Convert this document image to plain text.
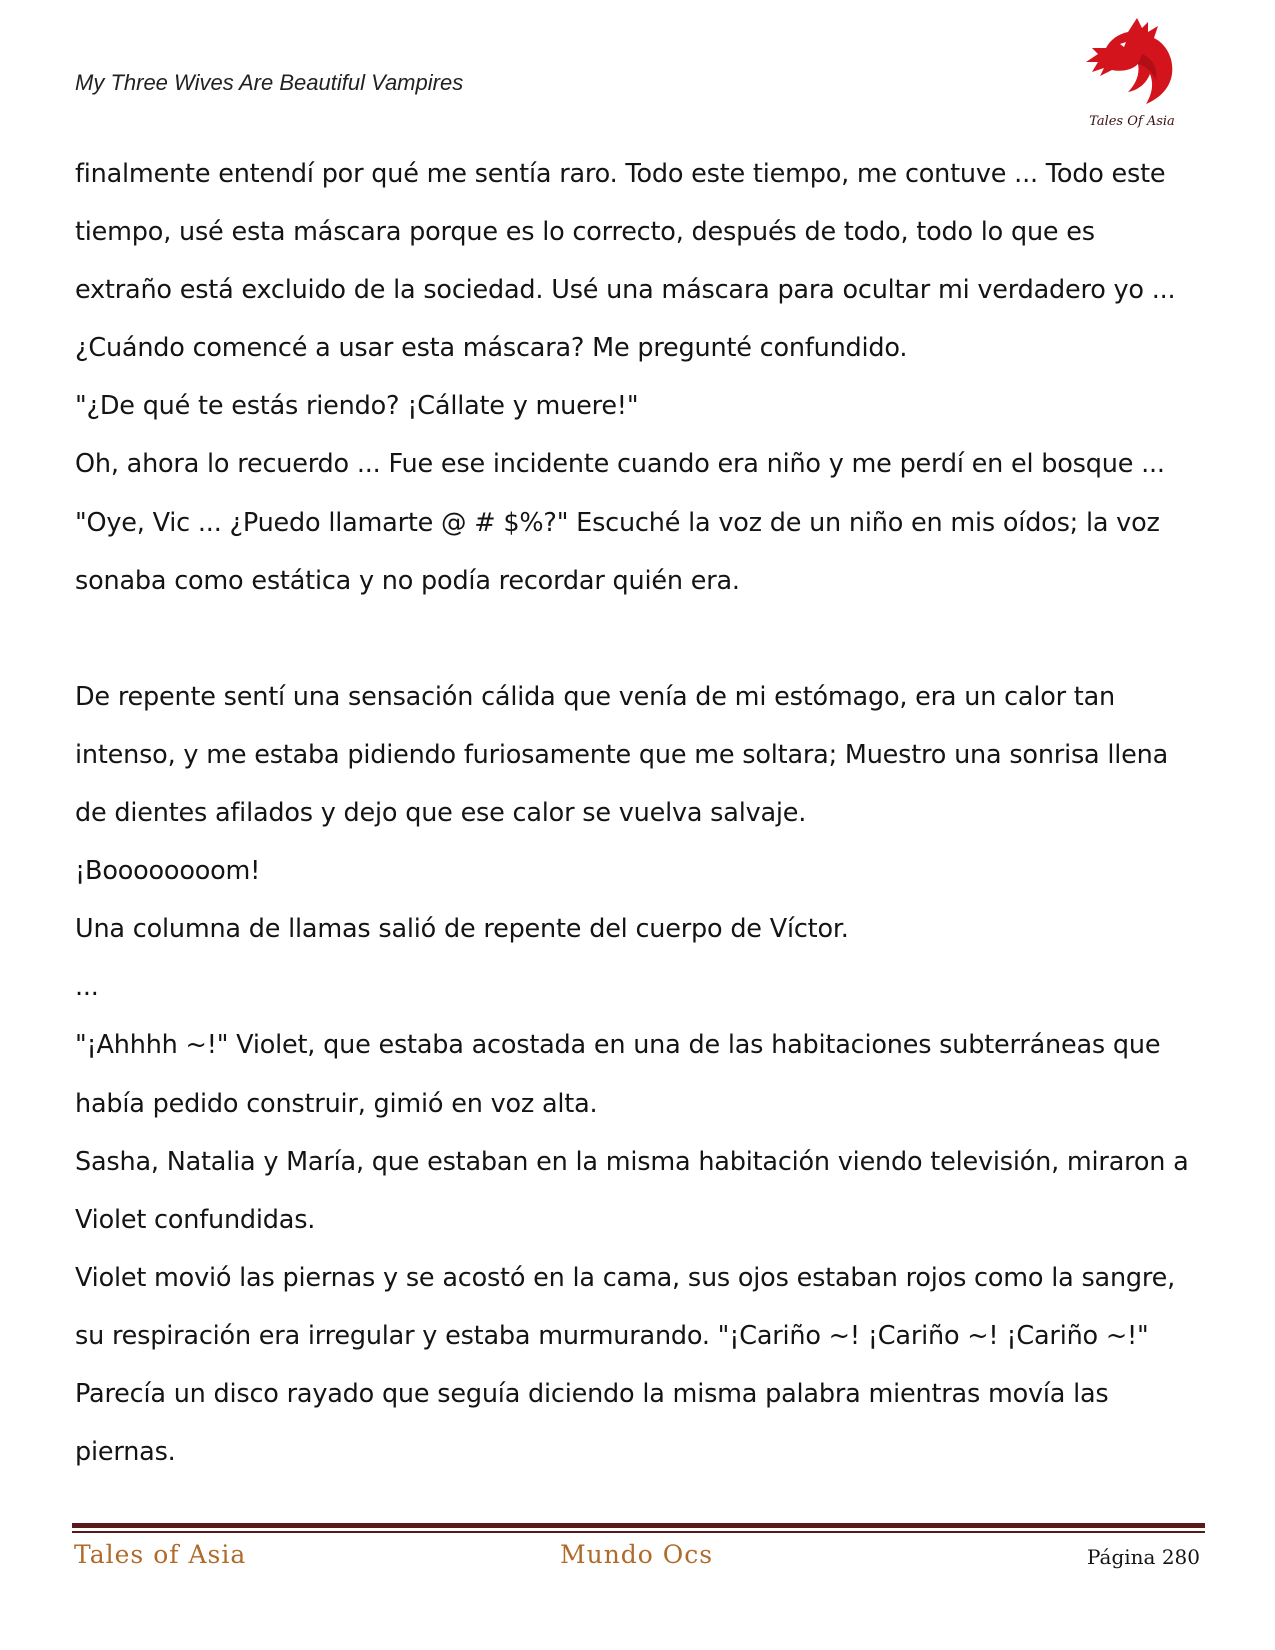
My Three Wives Are Beautiful Vampires
Tales Of Asia
finalmente entendí por qué me sentía raro. Todo este tiempo, me contuve ... Todo este
tiempo, usé esta máscara porque es lo correcto, después de todo, todo lo que es
extraño está excluido de la sociedad. Usé una máscara para ocultar mi verdadero yo ...
¿Cuándo comencé a usar esta máscara? Me pregunté confundido.
"¿De qué te estás riendo? ¡Cállate y muere!"
Oh, ahora lo recuerdo ... Fue ese incidente cuando era niño y me perdí en el bosque ...
"Oye, Vic ... ¿Puedo llamarte @ # $%?" Escuché la voz de un niño en mis oídos; la voz
sonaba como estática y no podía recordar quién era.
De repente sentí una sensación cálida que venía de mi estómago, era un calor tan
intenso, y me estaba pidiendo furiosamente que me soltara; Muestro una sonrisa llena
de dientes afilados y dejo que ese calor se vuelva salvaje.
¡Boooooooom!
Una columna de llamas salió de repente del cuerpo de Víctor.
...
"¡Ahhhh ~!" Violet, que estaba acostada en una de las habitaciones subterráneas que
había pedido construir, gimió en voz alta.
Sasha, Natalia y María, que estaban en la misma habitación viendo televisión, miraron a
Violet confundidas.
Violet movió las piernas y se acostó en la cama, sus ojos estaban rojos como la sangre,
su respiración era irregular y estaba murmurando. "¡Cariño ~! ¡Cariño ~! ¡Cariño ~!"
Parecía un disco rayado que seguía diciendo la misma palabra mientras movía las
piernas.
Tales of Asia	Mundo Ocs	Página 280
